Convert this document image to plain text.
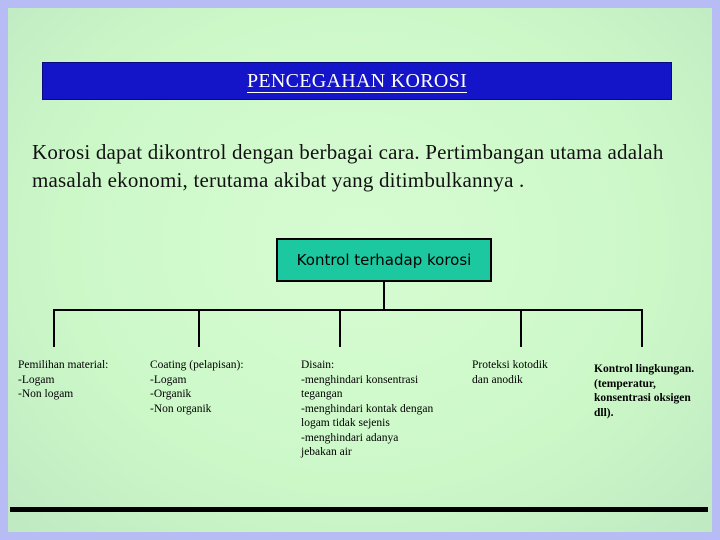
PENCEGAHAN KOROSI
Korosi dapat dikontrol dengan berbagai cara. Pertimbangan utama adalah masalah ekonomi, terutama akibat yang ditimbulkannya .
Kontrol terhadap korosi
Pemilihan material:
-Logam
-Non logam
Coating (pelapisan):
-Logam
-Organik
-Non organik
Disain:
-menghindari konsentrasi
tegangan
-menghindari kontak dengan
logam tidak sejenis
-menghindari adanya
jebakan air
Proteksi kotodik
dan anodik
Kontrol lingkungan.
(temperatur,
konsentrasi oksigen
dll).
